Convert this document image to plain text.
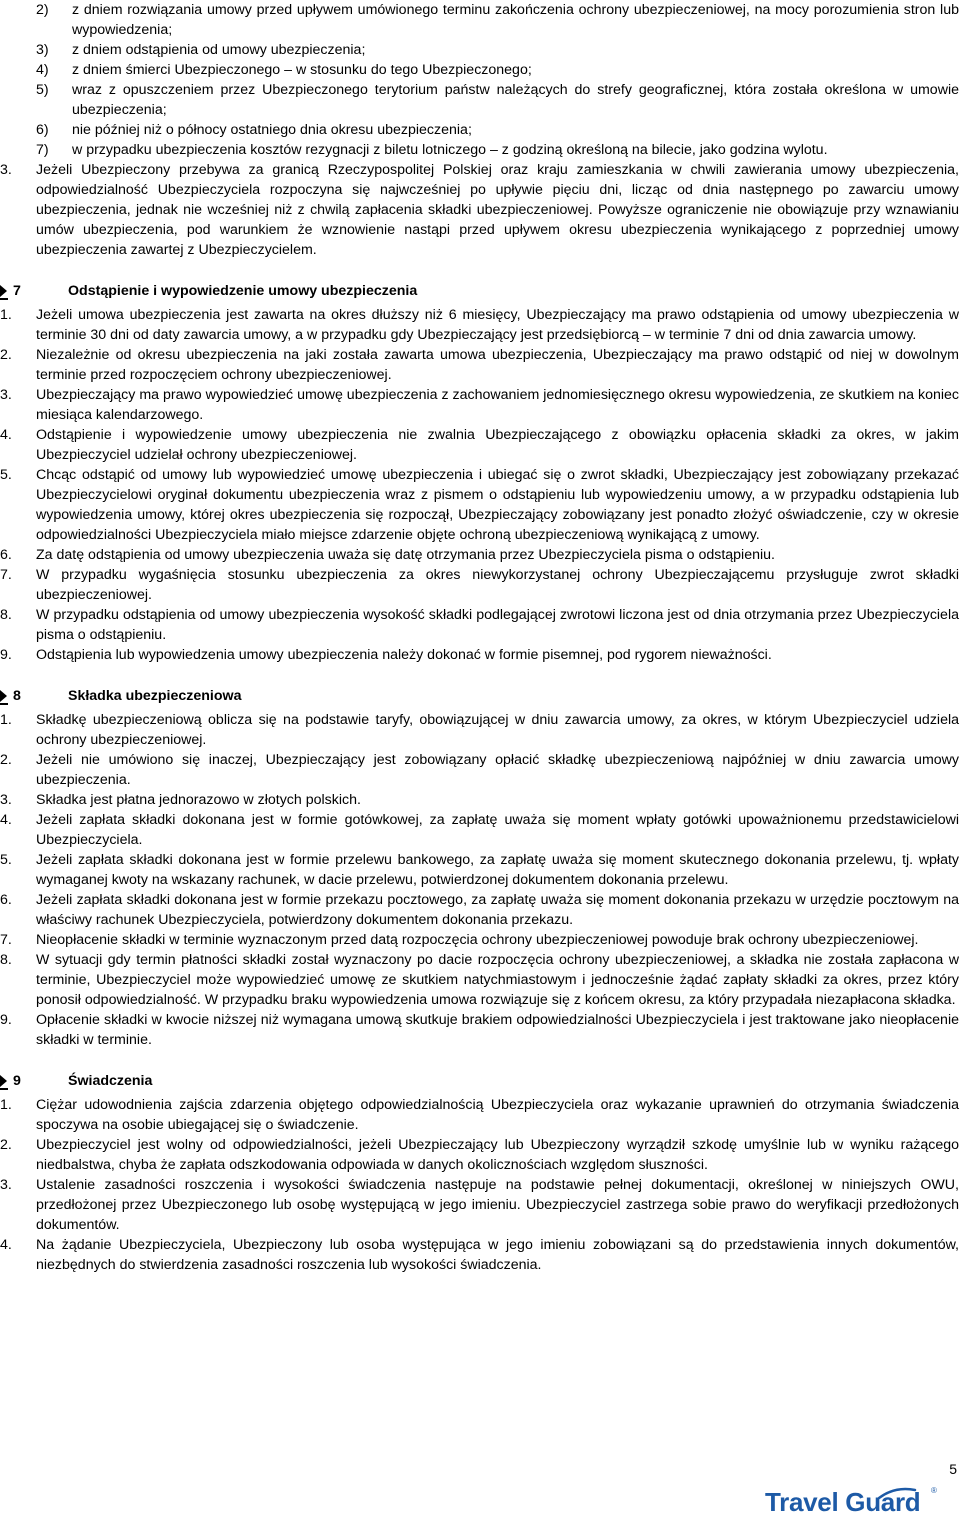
2) z dniem rozwiązania umowy przed upływem umówionego terminu zakończenia ochrony ubezpieczeniowej, na mocy porozumienia stron lub wypowiedzenia;
3) z dniem odstąpienia od umowy ubezpieczenia;
4) z dniem śmierci Ubezpieczonego – w stosunku do tego Ubezpieczonego;
5) wraz z opuszczeniem przez Ubezpieczonego terytorium państw należących do strefy geograficznej, która została określona w umowie ubezpieczenia;
6) nie później niż o północy ostatniego dnia okresu ubezpieczenia;
7) w przypadku ubezpieczenia kosztów rezygnacji z biletu lotniczego – z godziną określoną na bilecie, jako godzina wylotu.
3. Jeżeli Ubezpieczony przebywa za granicą Rzeczypospolitej Polskiej oraz kraju zamieszkania w chwili zawierania umowy ubezpieczenia, odpowiedzialność Ubezpieczyciela rozpoczyna się najwcześniej po upływie pięciu dni, licząc od dnia następnego po zawarciu umowy ubezpieczenia, jednak nie wcześniej niż z chwilą zapłacenia składki ubezpieczeniowej. Powyższe ograniczenie nie obowiązuje przy wznawianiu umów ubezpieczenia, pod warunkiem że wznowienie nastąpi przed upływem okresu ubezpieczenia wynikającego z poprzedniej umowy ubezpieczenia zawartej z Ubezpieczycielem.
7	Odstąpienie i wypowiedzenie umowy ubezpieczenia
1. Jeżeli umowa ubezpieczenia jest zawarta na okres dłuższy niż 6 miesięcy, Ubezpieczający ma prawo odstąpienia od umowy ubezpieczenia w terminie 30 dni od daty zawarcia umowy, a w przypadku gdy Ubezpieczający jest przedsiębiorcą – w terminie 7 dni od dnia zawarcia umowy.
2. Niezależnie od okresu ubezpieczenia na jaki została zawarta umowa ubezpieczenia, Ubezpieczający ma prawo odstąpić od niej w dowolnym terminie przed rozpoczęciem ochrony ubezpieczeniowej.
3. Ubezpieczający ma prawo wypowiedzieć umowę ubezpieczenia z zachowaniem jednomiesięcznego okresu wypowiedzenia, ze skutkiem na koniec miesiąca kalendarzowego.
4. Odstąpienie i wypowiedzenie umowy ubezpieczenia nie zwalnia Ubezpieczającego z obowiązku opłacenia składki za okres, w jakim Ubezpieczyciel udzielał ochrony ubezpieczeniowej.
5. Chcąc odstąpić od umowy lub wypowiedzieć umowę ubezpieczenia i ubiegać się o zwrot składki, Ubezpieczający jest zobowiązany przekazać Ubezpieczycielowi oryginał dokumentu ubezpieczenia wraz z pismem o odstąpieniu lub wypowiedzeniu umowy, a w przypadku odstąpienia lub wypowiedzenia umowy, której okres ubezpieczenia się rozpoczął, Ubezpieczający zobowiązany jest ponadto złożyć oświadczenie, czy w okresie odpowiedzialności Ubezpieczyciela miało miejsce zdarzenie objęte ochroną ubezpieczeniową wynikającą z umowy.
6. Za datę odstąpienia od umowy ubezpieczenia uważa się datę otrzymania przez Ubezpieczyciela pisma o odstąpieniu.
7. W przypadku wygaśnięcia stosunku ubezpieczenia za okres niewykorzystanej ochrony Ubezpieczającemu przysługuje zwrot składki ubezpieczeniowej.
8. W przypadku odstąpienia od umowy ubezpieczenia wysokość składki podlegającej zwrotowi liczona jest od dnia otrzymania przez Ubezpieczyciela pisma o odstąpieniu.
9. Odstąpienia lub wypowiedzenia umowy ubezpieczenia należy dokonać w formie pisemnej, pod rygorem nieważności.
8	Składka ubezpieczeniowa
1. Składkę ubezpieczeniową oblicza się na podstawie taryfy, obowiązującej w dniu zawarcia umowy, za okres, w którym Ubezpieczyciel udziela ochrony ubezpieczeniowej.
2. Jeżeli nie umówiono się inaczej, Ubezpieczający jest zobowiązany opłacić składkę ubezpieczeniową najpóźniej w dniu zawarcia umowy ubezpieczenia.
3. Składka jest płatna jednorazowo w złotych polskich.
4. Jeżeli zapłata składki dokonana jest w formie gotówkowej, za zapłatę uważa się moment wpłaty gotówki upoważnionemu przedstawicielowi Ubezpieczyciela.
5. Jeżeli zapłata składki dokonana jest w formie przelewu bankowego, za zapłatę uważa się moment skutecznego dokonania przelewu, tj. wpłaty wymaganej kwoty na wskazany rachunek, w dacie przelewu, potwierdzonej dokumentem dokonania przelewu.
6. Jeżeli zapłata składki dokonana jest w formie przekazu pocztowego, za zapłatę uważa się moment dokonania przekazu w urzędzie pocztowym na właściwy rachunek Ubezpieczyciela, potwierdzony dokumentem dokonania przekazu.
7. Nieopłacenie składki w terminie wyznaczonym przed datą rozpoczęcia ochrony ubezpieczeniowej powoduje brak ochrony ubezpieczeniowej.
8. W sytuacji gdy termin płatności składki został wyznaczony po dacie rozpoczęcia ochrony ubezpieczeniowej, a składka nie została zapłacona w terminie, Ubezpieczyciel może wypowiedzieć umowę ze skutkiem natychmiastowym i jednocześnie żądać zapłaty składki za okres, przez który ponosił odpowiedzialność. W przypadku braku wypowiedzenia umowa rozwiązuje się z końcem okresu, za który przypadała niezapłacona składka.
9. Opłacenie składki w kwocie niższej niż wymagana umową skutkuje brakiem odpowiedzialności Ubezpieczyciela i jest traktowane jako nieopłacenie składki w terminie.
9	Świadczenia
1. Ciężar udowodnienia zajścia zdarzenia objętego odpowiedzialnością Ubezpieczyciela oraz wykazanie uprawnień do otrzymania świadczenia spoczywa na osobie ubiegającej się o świadczenie.
2. Ubezpieczyciel jest wolny od odpowiedzialności, jeżeli Ubezpieczający lub Ubezpieczony wyrządził szkodę umyślnie lub w wyniku rażącego niedbalstwa, chyba że zapłata odszkodowania odpowiada w danych okolicznościach względom słuszności.
3. Ustalenie zasadności roszczenia i wysokości świadczenia następuje na podstawie pełnej dokumentacji, określonej w niniejszych OWU, przedłożonej przez Ubezpieczonego lub osobę występującą w jego imieniu. Ubezpieczyciel zastrzega sobie prawo do weryfikacji przedłożonych dokumentów.
4. Na żądanie Ubezpieczyciela, Ubezpieczony lub osoba występująca w jego imieniu zobowiązani są do przedstawienia innych dokumentów, niezbędnych do stwierdzenia zasadności roszczenia lub wysokości świadczenia.
5
Travel Guard ®
